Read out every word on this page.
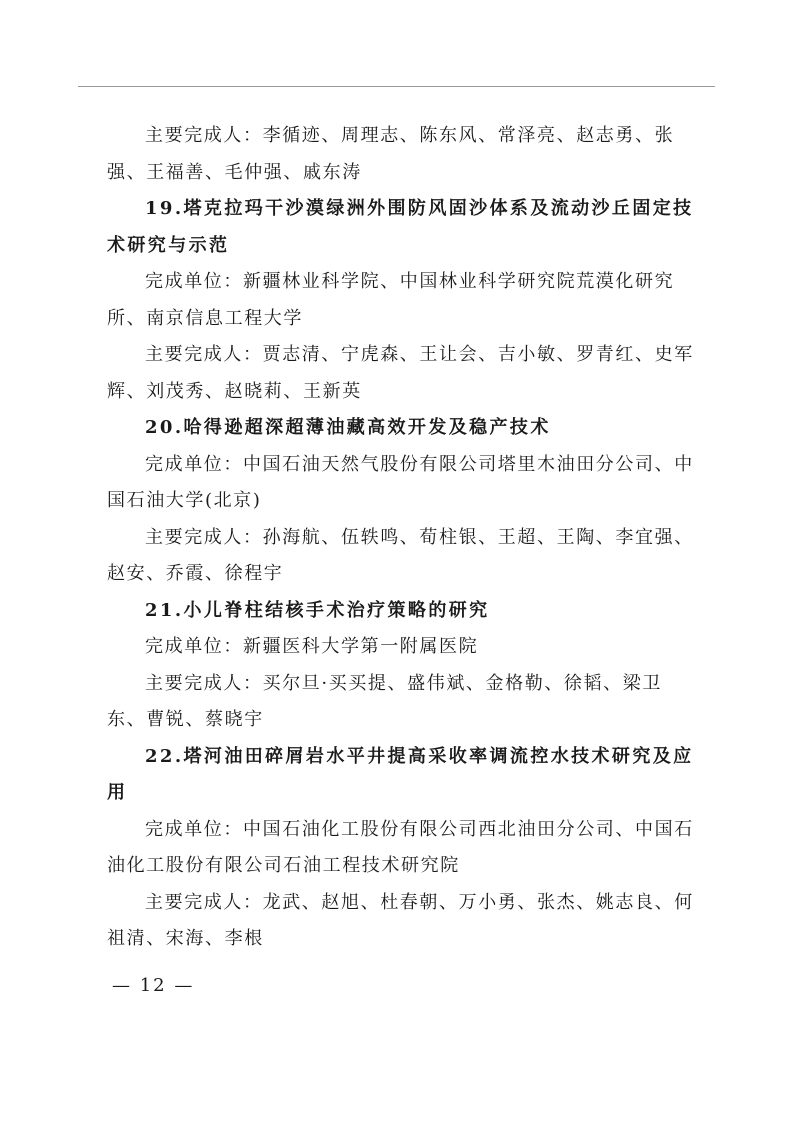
主要完成人：李循迹、周理志、陈东风、常泽亮、赵志勇、张强、王福善、毛仲强、戚东涛

19.塔克拉玛干沙漠绿洲外围防风固沙体系及流动沙丘固定技术研究与示范

完成单位：新疆林业科学院、中国林业科学研究院荒漠化研究所、南京信息工程大学

主要完成人：贾志清、宁虎森、王让会、吉小敏、罗青红、史军辉、刘茂秀、赵晓莉、王新英

20.哈得逊超深超薄油藏高效开发及稳产技术

完成单位：中国石油天然气股份有限公司塔里木油田分公司、中国石油大学(北京)

主要完成人：孙海航、伍轶鸣、荀柱银、王超、王陶、李宜强、赵安、乔霞、徐程宇

21.小儿脊柱结核手术治疗策略的研究

完成单位：新疆医科大学第一附属医院

主要完成人：买尔旦·买买提、盛伟斌、金格勒、徐韬、梁卫东、曹锐、蔡晓宇

22.塔河油田碎屑岩水平井提高采收率调流控水技术研究及应用

完成单位：中国石油化工股份有限公司西北油田分公司、中国石油化工股份有限公司石油工程技术研究院

主要完成人：龙武、赵旭、杜春朝、万小勇、张杰、姚志良、何祖清、宋海、李根

— 12 —
